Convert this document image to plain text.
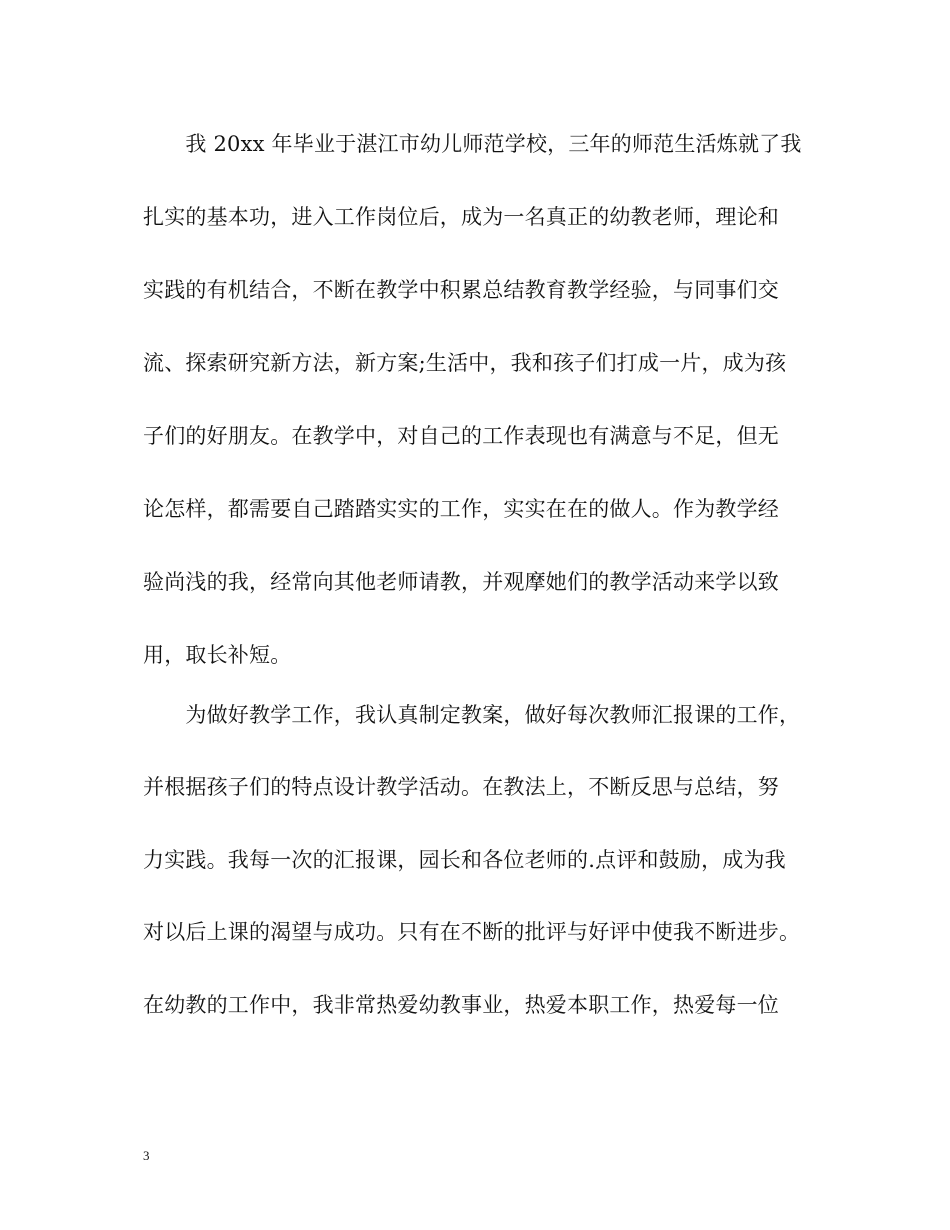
　　我 20xx 年毕业于湛江市幼儿师范学校，三年的师范生活炼就了我
扎实的基本功，进入工作岗位后，成为一名真正的幼教老师，理论和
实践的有机结合，不断在教学中积累总结教育教学经验，与同事们交
流、探索研究新方法，新方案;生活中，我和孩子们打成一片，成为孩
子们的好朋友。在教学中，对自己的工作表现也有满意与不足，但无
论怎样，都需要自己踏踏实实的工作，实实在在的做人。作为教学经
验尚浅的我，经常向其他老师请教，并观摩她们的教学活动来学以致
用，取长补短。
　　为做好教学工作，我认真制定教案，做好每次教师汇报课的工作，
并根据孩子们的特点设计教学活动。在教法上，不断反思与总结，努
力实践。我每一次的汇报课，园长和各位老师的.点评和鼓励，成为我
对以后上课的渴望与成功。只有在不断的批评与好评中使我不断进步。
在幼教的工作中，我非常热爱幼教事业，热爱本职工作，热爱每一位
3
